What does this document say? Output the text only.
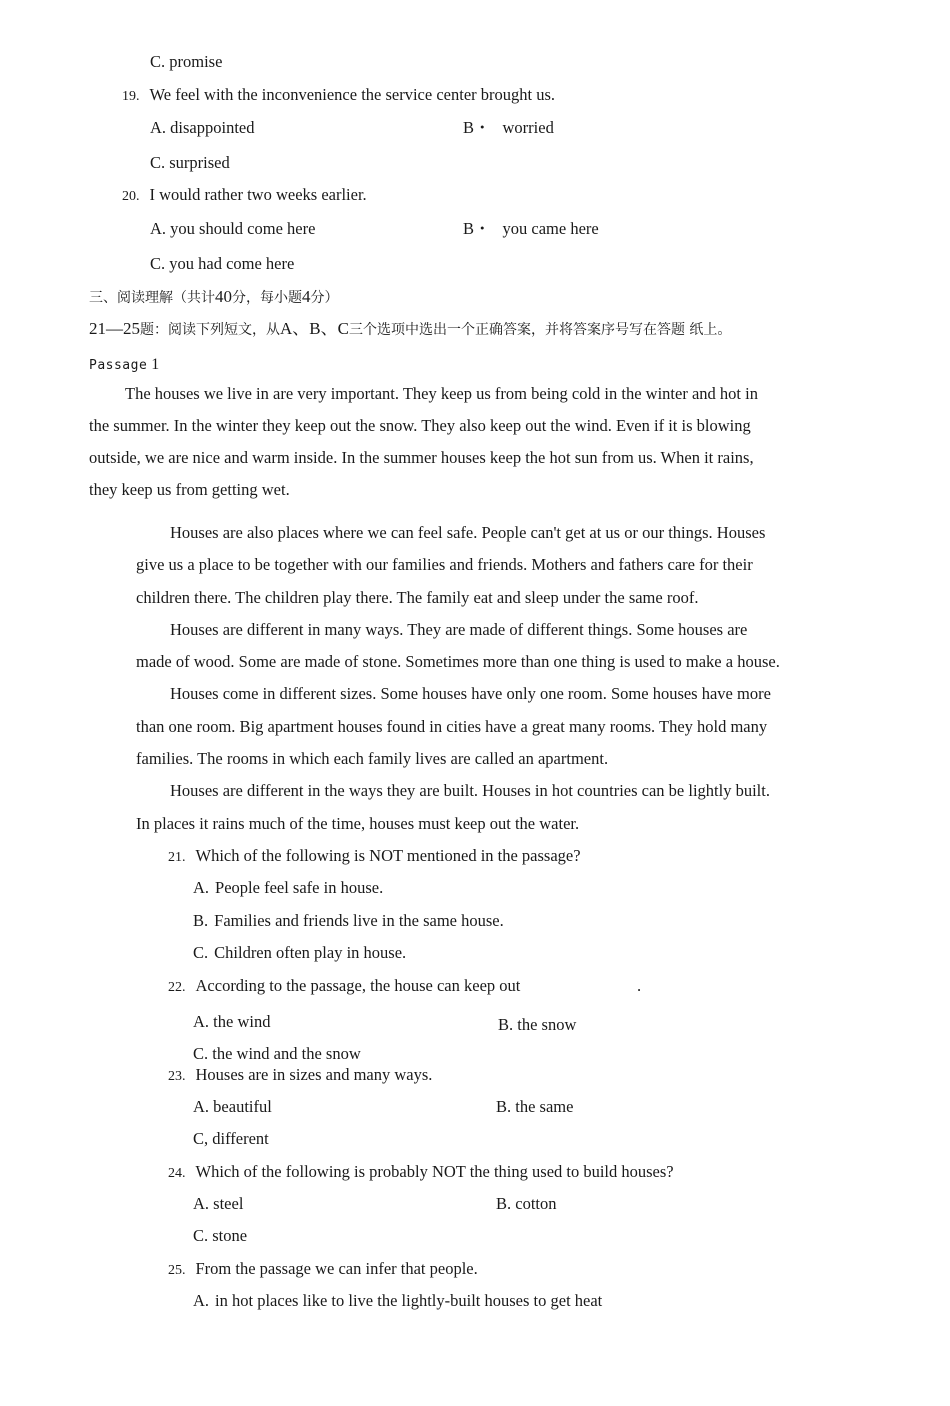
C. promise
19. We feel with the inconvenience the service center brought us.
A. disappointed	B・ worried
C. surprised
20. I would rather two weeks earlier.
A. you should come here	B・ you came here
C. you had come here
三、阅读理解（共计40分，每小题4分）
21—25题：阅读下列短文，从A、B、C三个选项中选出一个正确答案，并将答案序号写在答题 纸上。
Passage 1
The houses we live in are very important. They keep us from being cold in the winter and hot in
the summer. In the winter they keep out the snow. They also keep out the wind. Even if it is blowing
outside, we are nice and warm inside. In the summer houses keep the hot sun from us. When it rains,
they keep us from getting wet.
Houses are also places where we can feel safe. People can't get at us or our things. Houses
give us a place to be together with our families and friends. Mothers and fathers care for their
children there. The children play there. The family eat and sleep under the same roof.
Houses are different in many ways. They are made of different things. Some houses are
made of wood. Some are made of stone. Sometimes more than one thing is used to make a house.
Houses come in different sizes. Some houses have only one room. Some houses have more
than one room. Big apartment houses found in cities have a great many rooms. They hold many
families. The rooms in which each family lives are called an apartment.
Houses are different in the ways they are built. Houses in hot countries can be lightly built.
In places it rains much of the time, houses must keep out the water.
21. Which of the following is NOT mentioned in the passage?
A. People feel safe in house.
B. Families and friends live in the same house.
C. Children often play in house.
22. According to the passage, the house can keep out	.
A. the wind	B. the snow
C. the wind and the snow
23. Houses are in sizes and many ways.
A. beautiful	B. the same
C, different
24. Which of the following is probably NOT the thing used to build houses?
A. steel	B. cotton
C. stone
25. From the passage we can infer that people.
A. in hot places like to live the lightly-built houses to get heat
